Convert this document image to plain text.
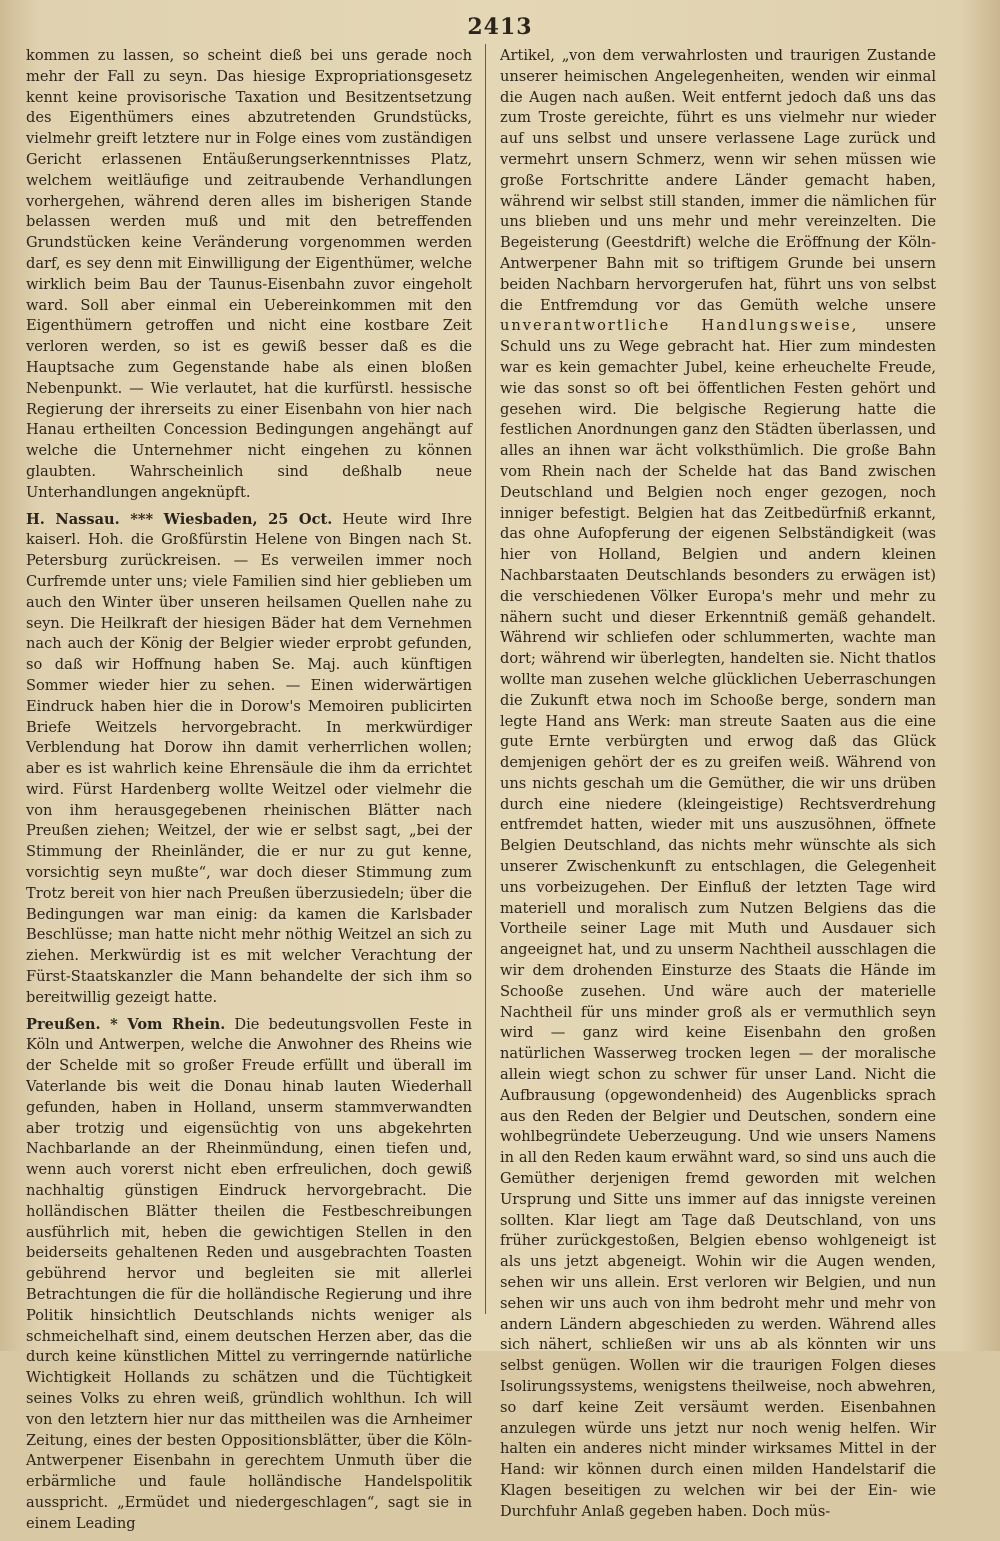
2413

kommen zu lassen, so scheint dieß bei uns gerade noch mehr der Fall zu seyn. Das hiesige Expropriationsgesetz kennt keine provisorische Taxation und Besitzentsetzung des Eigenthümers eines abzutretenden Grundstücks, vielmehr greift letztere nur in Folge eines vom zuständigen Gericht erlassenen Entäußerungserkenntnisses Platz, welchem weitläufige und zeitraubende Verhandlungen vorhergehen, während deren alles im bisherigen Stande belassen werden muß und mit den betreffenden Grundstücken keine Veränderung vorgenommen werden darf, es sey denn mit Einwilligung der Eigenthümer, welche wirklich beim Bau der Taunus-Eisenbahn zuvor eingeholt ward. Soll aber einmal ein Uebereinkommen mit den Eigenthümern getroffen und nicht eine kostbare Zeit verloren werden, so ist es gewiß besser daß es die Hauptsache zum Gegenstande habe als einen bloßen Nebenpunkt. — Wie verlautet, hat die kurfürstl. hessische Regierung der ihrerseits zu einer Eisenbahn von hier nach Hanau ertheilten Concession Bedingungen angehängt auf welche die Unternehmer nicht eingehen zu können glaubten. Wahrscheinlich sind deßhalb neue Unterhandlungen angeknüpft.

H. Nassau. *** Wiesbaden, 25 Oct. Heute wird Ihre kaiserl. Hoh. die Großfürstin Helene von Bingen nach St. Petersburg zurückreisen. — Es verweilen immer noch Curfremde unter uns; viele Familien sind hier geblieben um auch den Winter über unseren heilsamen Quellen nahe zu seyn. Die Heilkraft der hiesigen Bäder hat dem Vernehmen nach auch der König der Belgier wieder erprobt gefunden, so daß wir Hoffnung haben Se. Maj. auch künftigen Sommer wieder hier zu sehen. — Einen widerwärtigen Eindruck haben hier die in Dorow's Memoiren publicirten Briefe Weitzels hervorgebracht. In merkwürdiger Verblendung hat Dorow ihn damit verherrlichen wollen; aber es ist wahrlich keine Ehrensäule die ihm da errichtet wird. Fürst Hardenberg wollte Weitzel oder vielmehr die von ihm herausgegebenen rheinischen Blätter nach Preußen ziehen; Weitzel, der wie er selbst sagt, „bei der Stimmung der Rheinländer, die er nur zu gut kenne, vorsichtig seyn mußte“, war doch dieser Stimmung zum Trotz bereit von hier nach Preußen überzusiedeln; über die Bedingungen war man einig: da kamen die Karlsbader Beschlüsse; man hatte nicht mehr nöthig Weitzel an sich zu ziehen. Merkwürdig ist es mit welcher Verachtung der Fürst-Staatskanzler die Mann behandelte der sich ihm so bereitwillig gezeigt hatte.

Preußen. * Vom Rhein. Die bedeutungsvollen Feste in Köln und Antwerpen, welche die Anwohner des Rheins wie der Schelde mit so großer Freude erfüllt und überall im Vaterlande bis weit die Donau hinab lauten Wiederhall gefunden, haben in Holland, unserm stammverwandten aber trotzig und eigensüchtig von uns abgekehrten Nachbarlande an der Rheinmündung, einen tiefen und, wenn auch vorerst nicht eben erfreulichen, doch gewiß nachhaltig günstigen Eindruck hervorgebracht. Die holländischen Blätter theilen die Festbeschreibungen ausführlich mit, heben die gewichtigen Stellen in den beiderseits gehaltenen Reden und ausgebrachten Toasten gebührend hervor und begleiten sie mit allerlei Betrachtungen die für die holländische Regierung und ihre Politik hinsichtlich Deutschlands nichts weniger als schmeichelhaft sind, einem deutschen Herzen aber, das die durch keine künstlichen Mittel zu verringernde natürliche Wichtigkeit Hollands zu schätzen und die Tüchtigkeit seines Volks zu ehren weiß, gründlich wohlthun. Ich will von den letztern hier nur das mittheilen was die Arnheimer Zeitung, eines der besten Oppositionsblätter, über die Köln-Antwerpener Eisenbahn in gerechtem Unmuth über die erbärmliche und faule holländische Handelspolitik ausspricht. „Ermüdet und niedergeschlagen“, sagt sie in einem Leading

Artikel, „von dem verwahrlosten und traurigen Zustande unserer heimischen Angelegenheiten, wenden wir einmal die Augen nach außen. Weit entfernt jedoch daß uns das zum Troste gereichte, führt es uns vielmehr nur wieder auf uns selbst und unsere verlassene Lage zurück und vermehrt unsern Schmerz, wenn wir sehen müssen wie große Fortschritte andere Länder gemacht haben, während wir selbst still standen, immer die nämlichen für uns blieben und uns mehr und mehr vereinzelten. Die Begeisterung (Geestdrift) welche die Eröffnung der Köln-Antwerpener Bahn mit so triftigem Grunde bei unsern beiden Nachbarn hervorgerufen hat, führt uns von selbst die Entfremdung vor das Gemüth welche unsere unverantwortliche Handlungsweise, unsere Schuld uns zu Wege gebracht hat. Hier zum mindesten war es kein gemachter Jubel, keine erheuchelte Freude, wie das sonst so oft bei öffentlichen Festen gehört und gesehen wird. Die belgische Regierung hatte die festlichen Anordnungen ganz den Städten überlassen, und alles an ihnen war ächt volksthümlich. Die große Bahn vom Rhein nach der Schelde hat das Band zwischen Deutschland und Belgien noch enger gezogen, noch inniger befestigt. Belgien hat das Zeitbedürfniß erkannt, das ohne Aufopferung der eigenen Selbständigkeit (was hier von Holland, Belgien und andern kleinen Nachbarstaaten Deutschlands besonders zu erwägen ist) die verschiedenen Völker Europa's mehr und mehr zu nähern sucht und dieser Erkenntniß gemäß gehandelt. Während wir schliefen oder schlummerten, wachte man dort; während wir überlegten, handelten sie. Nicht thatlos wollte man zusehen welche glücklichen Ueberraschungen die Zukunft etwa noch im Schooße berge, sondern man legte Hand ans Werk: man streute Saaten aus die eine gute Ernte verbürgten und erwog daß das Glück demjenigen gehört der es zu greifen weiß. Während von uns nichts geschah um die Gemüther, die wir uns drüben durch eine niedere (kleingeistige) Rechtsverdrehung entfremdet hatten, wieder mit uns auszusöhnen, öffnete Belgien Deutschland, das nichts mehr wünschte als sich unserer Zwischenkunft zu entschlagen, die Gelegenheit uns vorbeizugehen. Der Einfluß der letzten Tage wird materiell und moralisch zum Nutzen Belgiens das die Vortheile seiner Lage mit Muth und Ausdauer sich angeeignet hat, und zu unserm Nachtheil ausschlagen die wir dem drohenden Einsturze des Staats die Hände im Schooße zusehen. Und wäre auch der materielle Nachtheil für uns minder groß als er vermuthlich seyn wird — ganz wird keine Eisenbahn den großen natürlichen Wasserweg trocken legen — der moralische allein wiegt schon zu schwer für unser Land. Nicht die Aufbrausung (opgewondenheid) des Augenblicks sprach aus den Reden der Belgier und Deutschen, sondern eine wohlbegründete Ueberzeugung. Und wie unsers Namens in all den Reden kaum erwähnt ward, so sind uns auch die Gemüther derjenigen fremd geworden mit welchen Ursprung und Sitte uns immer auf das innigste vereinen sollten. Klar liegt am Tage daß Deutschland, von uns früher zurückgestoßen, Belgien ebenso wohlgeneigt ist als uns jetzt abgeneigt. Wohin wir die Augen wenden, sehen wir uns allein. Erst verloren wir Belgien, und nun sehen wir uns auch von ihm bedroht mehr und mehr von andern Ländern abgeschieden zu werden. Während alles sich nähert, schließen wir uns ab als könnten wir uns selbst genügen. Wollen wir die traurigen Folgen dieses Isolirungssystems, wenigstens theilweise, noch abwehren, so darf keine Zeit versäumt werden. Eisenbahnen anzulegen würde uns jetzt nur noch wenig helfen. Wir halten ein anderes nicht minder wirksames Mittel in der Hand: wir können durch einen milden Handelstarif die Klagen beseitigen zu welchen wir bei der Ein- wie Durchfuhr Anlaß gegeben haben. Doch müs-
